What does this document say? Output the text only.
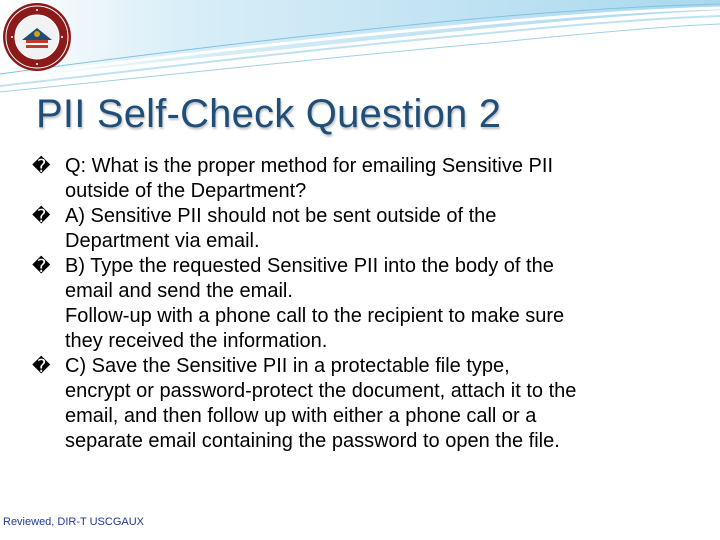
PII Self-Check Question 2
� Q: What is the proper method for emailing Sensitive PII
outside of the Department?
� A) Sensitive PII should not be sent outside of the
Department via email.
� B) Type the requested Sensitive PII into the body of the
email and send the email.
Follow-up with a phone call to the recipient to make sure
they received the information.
� C) Save the Sensitive PII in a protectable file type,
encrypt or password-protect the document, attach it to the
email, and then follow up with either a phone call or a
separate email containing the password to open the file.
Reviewed, DIR-T USCGAUX
